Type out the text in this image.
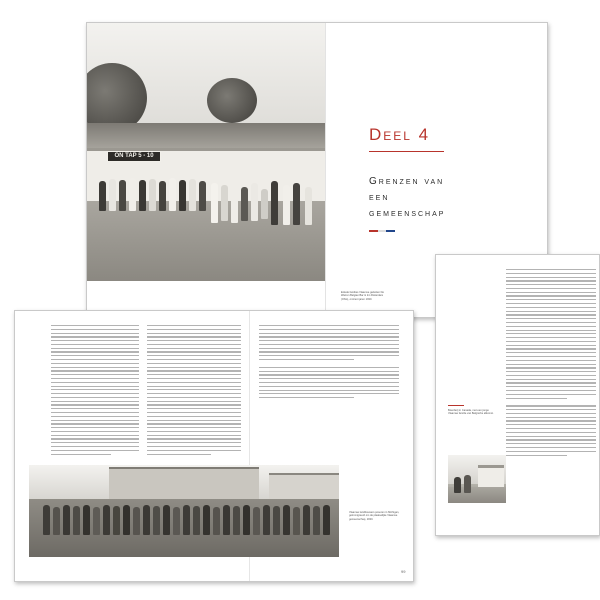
ON TAP 5 - 10
Enkele families Vlaamse gazetten De Warren Belgian Bar & Inn Rotterdam (Ohio), omtrent jaren 1930.
Deel 4
Grenzen van een gemeenschap
Boerderij in Canada, met een jonge Vlaamse familie van Belgische afkomst.
Vlaamse landbouwers poseren in Michigan, geïmmigreerd om de plaatselijke Vlaamse gemeenschap, 1930.
99
